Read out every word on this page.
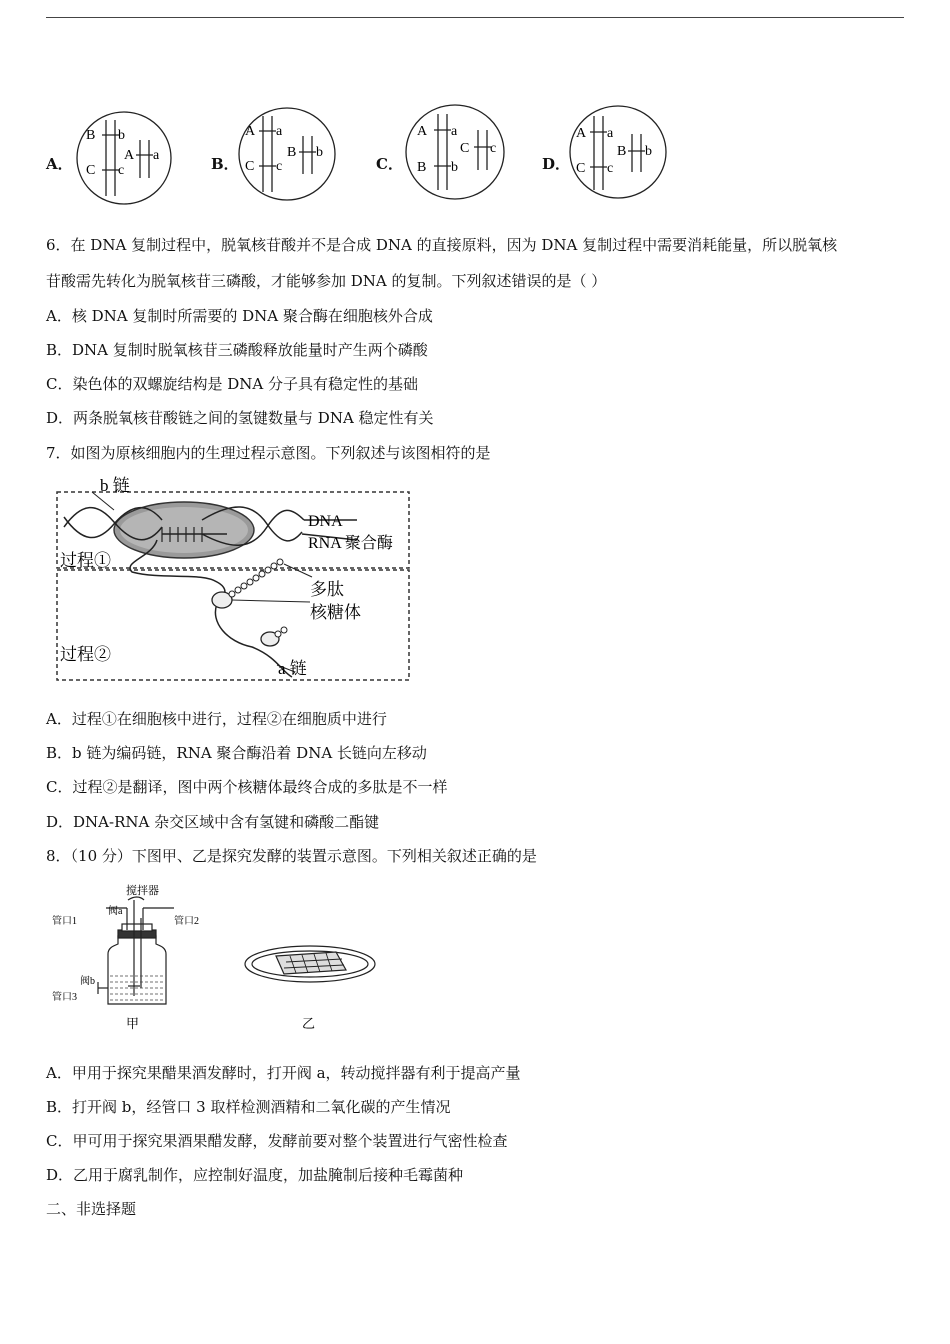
A．
B b
C c
A a	B．
A a
C c
B b
C．
A a
B b
C c
D．
A a
C c
B b
6．在 DNA 复制过程中，脱氧核苷酸并不是合成 DNA 的直接原料，因为 DNA 复制过程中需要消耗能量，所以脱氧核
苷酸需先转化为脱氧核苷三磷酸，才能够参加 DNA 的复制。下列叙述错误的是（ ）
A．核 DNA 复制时所需要的 DNA 聚合酶在细胞核外合成
B．DNA 复制时脱氧核苷三磷酸释放能量时产生两个磷酸
C．染色体的双螺旋结构是 DNA 分子具有稳定性的基础
D．两条脱氧核苷酸链之间的氢键数量与 DNA 稳定性有关
7．如图为原核细胞内的生理过程示意图。下列叙述与该图相符的是
b 链
DNA
RNA 聚合酶
过程①
多肽
核糖体
过程②
a 链
A．过程①在细胞核中进行，过程②在细胞质中进行
B．b 链为编码链，RNA 聚合酶沿着 DNA 长链向左移动
C．过程②是翻译，图中两个核糖体最终合成的多肽是不一样
D．DNA-RNA 杂交区域中含有氢键和磷酸二酯键
8．（10 分）下图甲、乙是探究发酵的装置示意图。下列相关叙述正确的是
搅拌器
阀a
管口1	管口2
阀b
管口3
甲	乙
A．甲用于探究果醋果酒发酵时，打开阀 a，转动搅拌器有利于提高产量
B．打开阀 b，经管口 3 取样检测酒精和二氧化碳的产生情况
C．甲可用于探究果酒果醋发酵，发酵前要对整个装置进行气密性检查
D．乙用于腐乳制作，应控制好温度，加盐腌制后接种毛霉菌种
二、非选择题
